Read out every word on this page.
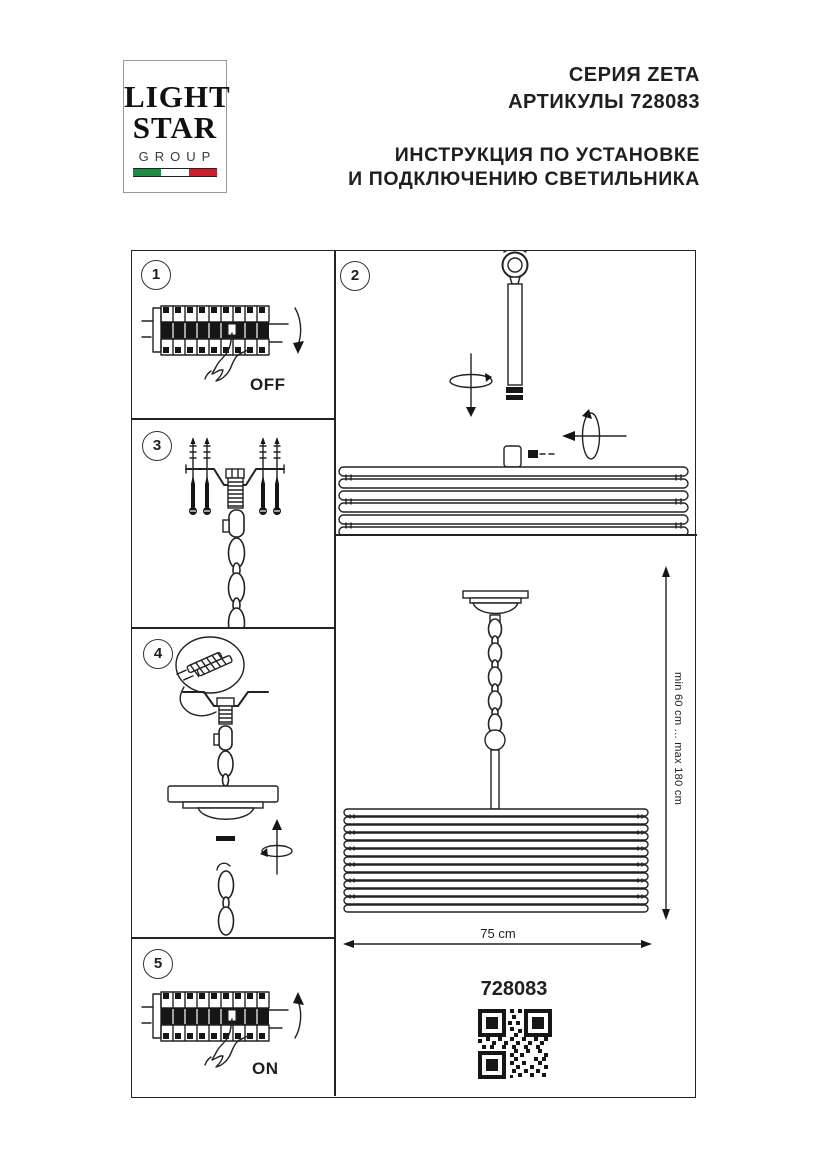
LIGHT
STAR
GROUP
СЕРИЯ ZETA
АРТИКУЛЫ 728083
ИНСТРУКЦИЯ ПО УСТАНОВКЕ
И ПОДКЛЮЧЕНИЮ СВЕТИЛЬНИКА
1
OFF
3
4
5
ON
2
min 60 cm ... max 180 cm
75 cm
728083
